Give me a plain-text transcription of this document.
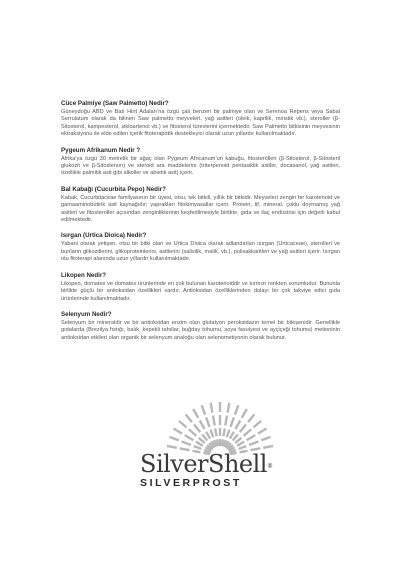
Cüce Palmiye (Saw Palmetto) Nedir?

Güneydoğu ABD ve Batı Hint Adaları’na özgü çalı benzeri bir palmiye olan ve Serenoa Repens veya Sabal Serrulatum olarak da bilinen Saw palmetto meyveleri, yağ asitleri (oleik, kaprilik, miristik vb.), steroller (β-Sitosterol, kampesterol, sikloartenol vb.) ve fitosterol türevlerini içermektedir. Saw Palmetto bitkisinin meyvesinin ektraksiyonu ile elde edilen içerik fitoterapötik destekleyici olarak uzun yıllardır kullanılmaktadır.

Pygeum Afrikanum Nedir ?

Afrika’ya özgü 30 metrelik bir ağaç olan Pygeum Africanum’un kabuğu, fitosterölleri (β-Sitosterol, β-Sitosteril glukozit ve β-Sitostenon) ve steroid ara maddelerini (triterpenoid pentasiklik asitler, docasanol, yağ asitleri, özellikle palmitik asit gibi alkoller ve abietik asit) içerir.

Bal Kabağı (Cucurbita Pepo) Nedir?

Kabak, Cucurbitaceae familyasının bir üyesi, otsu, tek bitkili, yıllık bir bitkidir. Meyveleri zengin bir karotenoid ve gamaaminobütirik asit kaynağıdır; yaprakları fitokimyasallar içerir. Protein, lif, mineral, çoklu doymamış yağ asitleri ve fitosteroller açısından zenginliklerinin keşfedilmesiyle birlikte, gıda ve ilaç endüstrisi için değerli kabul edilmektedir.

Isırgan (Urtica Dioica) Nedir?

Yabani olarak yetişen, otsu bir bitki olan ve Urtica Dioica olarak adlandırılan ısırgan (Urticaceae), sterolleri ve bunların glikozitlerini, glikoproteinlerini, asitlerini (salisilik, malik, vb.), polisakkaritleri ve yağ asitleri içerir. Isırgan otu fitoterapi alanında uzun yıllardır kullanılmaktadır.

Likopen Nedir?

Likopen, domates ve domates ürünlerinde en çok bulunan karotenoiddir ve kırmızı renkten sorumludur. Bununla birlikte güçlü bir antioksidan özellikleri vardır. Antioksidan özelliklerinden dolayı bir çok takviye edici gıda ürünlerinde kullanılmaktadır.

Selenyum Nedir?

Selenyum bir mineraldir ve bir antioksidan enzim olan glutatyon peroksidazın temel bir bileşenidir. Genellikle gıdalarda (Brezilya fıstığı, balık, kepekli tahıllar, buğday tohumu, soya fasulyesi ve ayçiçeği tohumu) metioninin antioksidan etkileri olan organik bir selenyum analoğu olan selenometiyonin olarak bulunur.

SilverShell®
SILVERPROST
